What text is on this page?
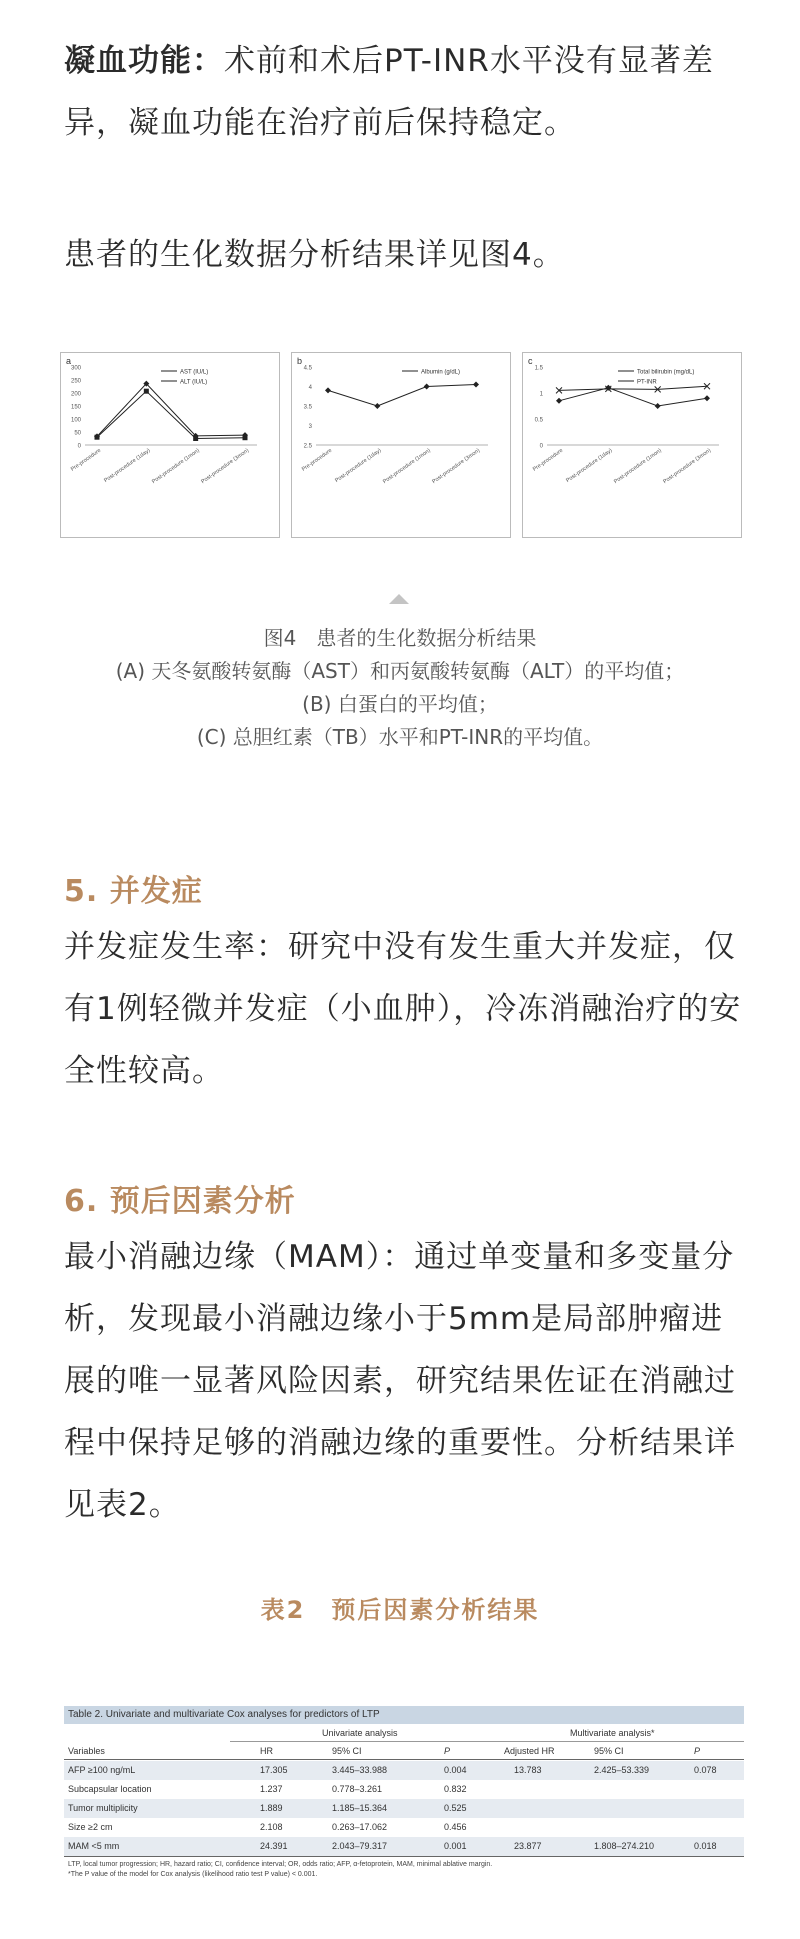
凝血功能：术前和术后PT-INR水平没有显著差异，凝血功能在治疗前后保持稳定。
患者的生化数据分析结果详见图4。
a
300
250
200
150
100
50
0
Pre-procedure Post-procedure (1day) Post-procedure (1mon) Post-procedure (3mon)
AST (IU/L)
ALT (IU/L)
b
4.5
4
3.5
3
2.5
Pre-procedure Post-procedure (1day) Post-procedure (1mon) Post-procedure (3mon)
Albumin (g/dL)
c
1.5
1
0.5
0
Pre-procedure Post-procedure (1day) Post-procedure (1mon) Post-procedure (3mon)
Total bilirubin (mg/dL)
PT-INR
图4　患者的生化数据分析结果
(A) 天冬氨酸转氨酶（AST）和丙氨酸转氨酶（ALT）的平均值；
(B) 白蛋白的平均值；
(C) 总胆红素（TB）水平和PT-INR的平均值。
5. 并发症
并发症发生率：研究中没有发生重大并发症，仅有1例轻微并发症（小血肿），冷冻消融治疗的安全性较高。
6. 预后因素分析
最小消融边缘（MAM）：通过单变量和多变量分析，发现最小消融边缘小于5mm是局部肿瘤进展的唯一显著风险因素，研究结果佐证在消融过程中保持足够的消融边缘的重要性。分析结果详见表2。
表2　预后因素分析结果
Table 2. Univariate and multivariate Cox analyses for predictors of LTP
Univariate analysis	Multivariate analysis*
Variables	HR	95% CI	P	Adjusted HR	95% CI	P
AFP ≥100 ng/mL	17.305	3.445–33.988	0.004	13.783	2.425–53.339	0.078
Subcapsular location	1.237	0.778–3.261	0.832
Tumor multiplicity	1.889	1.185–15.364	0.525
Size ≥2 cm	2.108	0.263–17.062	0.456
MAM <5 mm	24.391	2.043–79.317	0.001	23.877	1.808–274.210	0.018
LTP, local tumor progression; HR, hazard ratio; CI, confidence interval; OR, odds ratio; AFP, α-fetoprotein, MAM, minimal ablative margin.
*The P value of the model for Cox analysis (likelihood ratio test P value) < 0.001.
